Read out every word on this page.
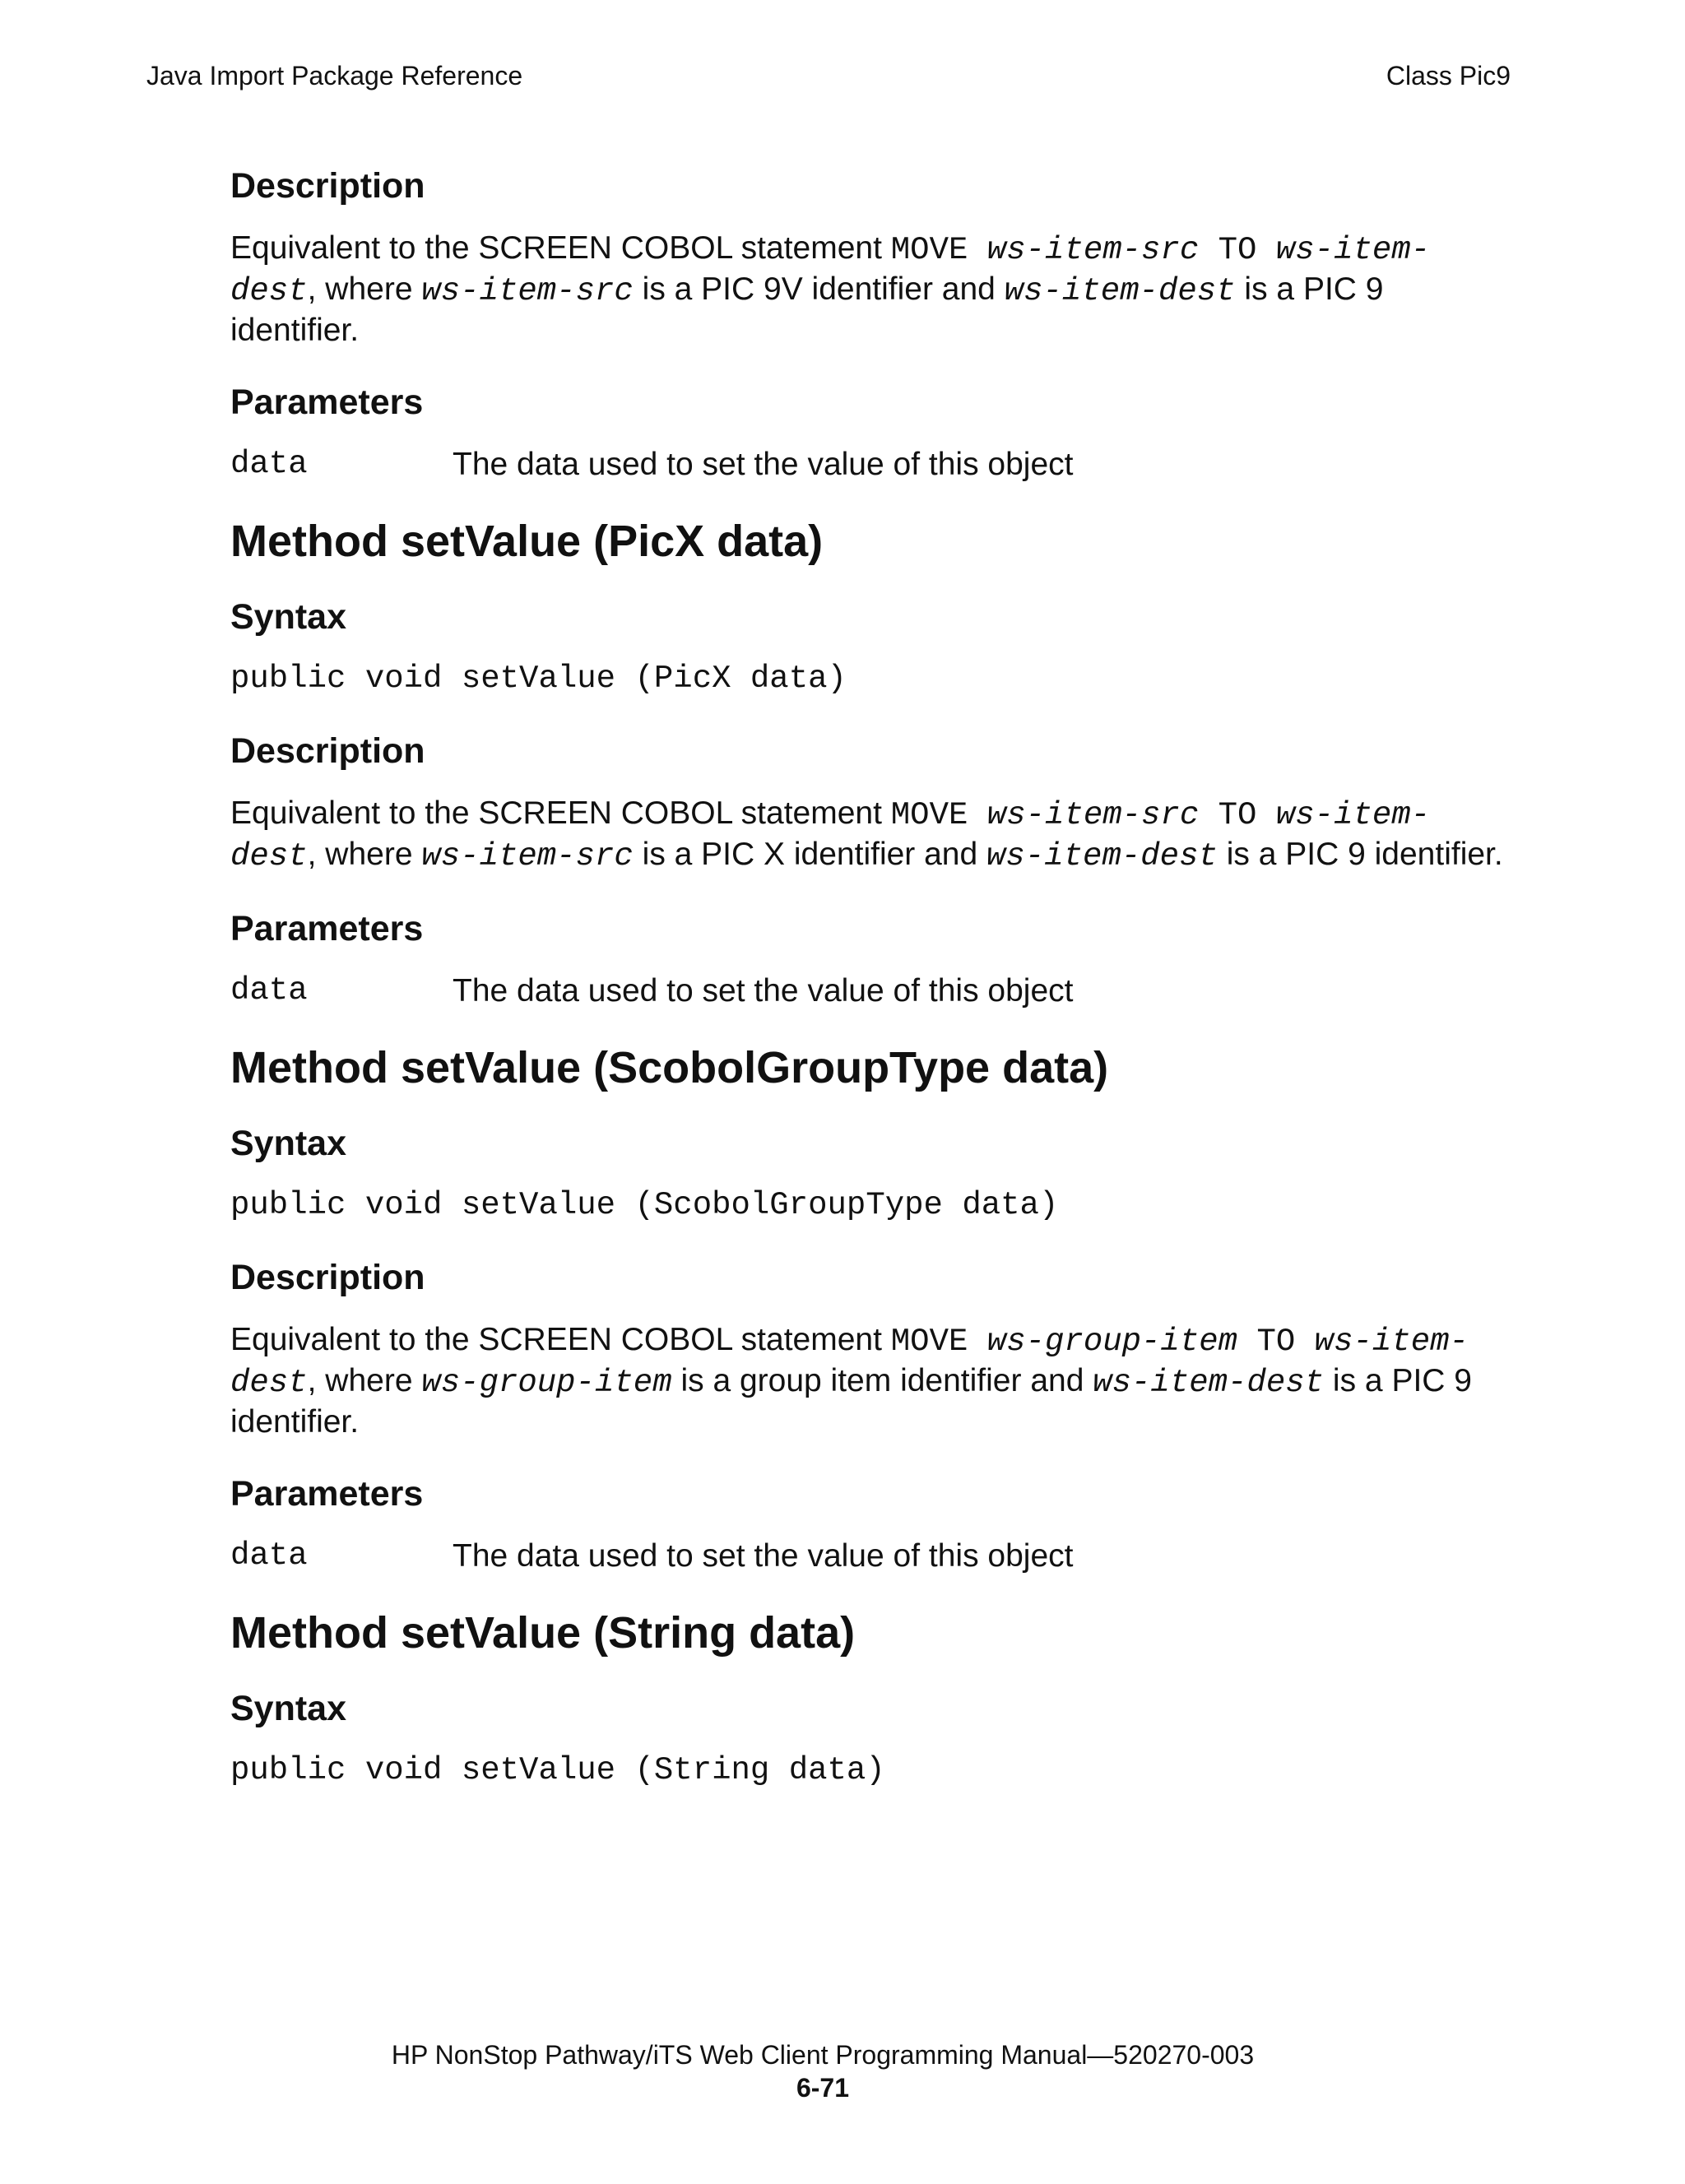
Java Import Package Reference	Class Pic9
Description
Equivalent to the SCREEN COBOL statement MOVE ws-item-src TO ws-item-dest, where ws-item-src is a PIC 9V identifier and ws-item-dest is a PIC 9 identifier.
Parameters
data	The data used to set the value of this object
Method setValue (PicX data)
Syntax
public void setValue (PicX data)
Description
Equivalent to the SCREEN COBOL statement MOVE ws-item-src TO ws-item-dest, where ws-item-src is a PIC X identifier and ws-item-dest is a PIC 9 identifier.
Parameters
data	The data used to set the value of this object
Method setValue (ScobolGroupType data)
Syntax
public void setValue (ScobolGroupType data)
Description
Equivalent to the SCREEN COBOL statement MOVE ws-group-item TO ws-item-dest, where ws-group-item is a group item identifier and ws-item-dest is a PIC 9 identifier.
Parameters
data	The data used to set the value of this object
Method setValue (String data)
Syntax
public void setValue (String data)
HP NonStop Pathway/iTS Web Client Programming Manual—520270-003
6-71
